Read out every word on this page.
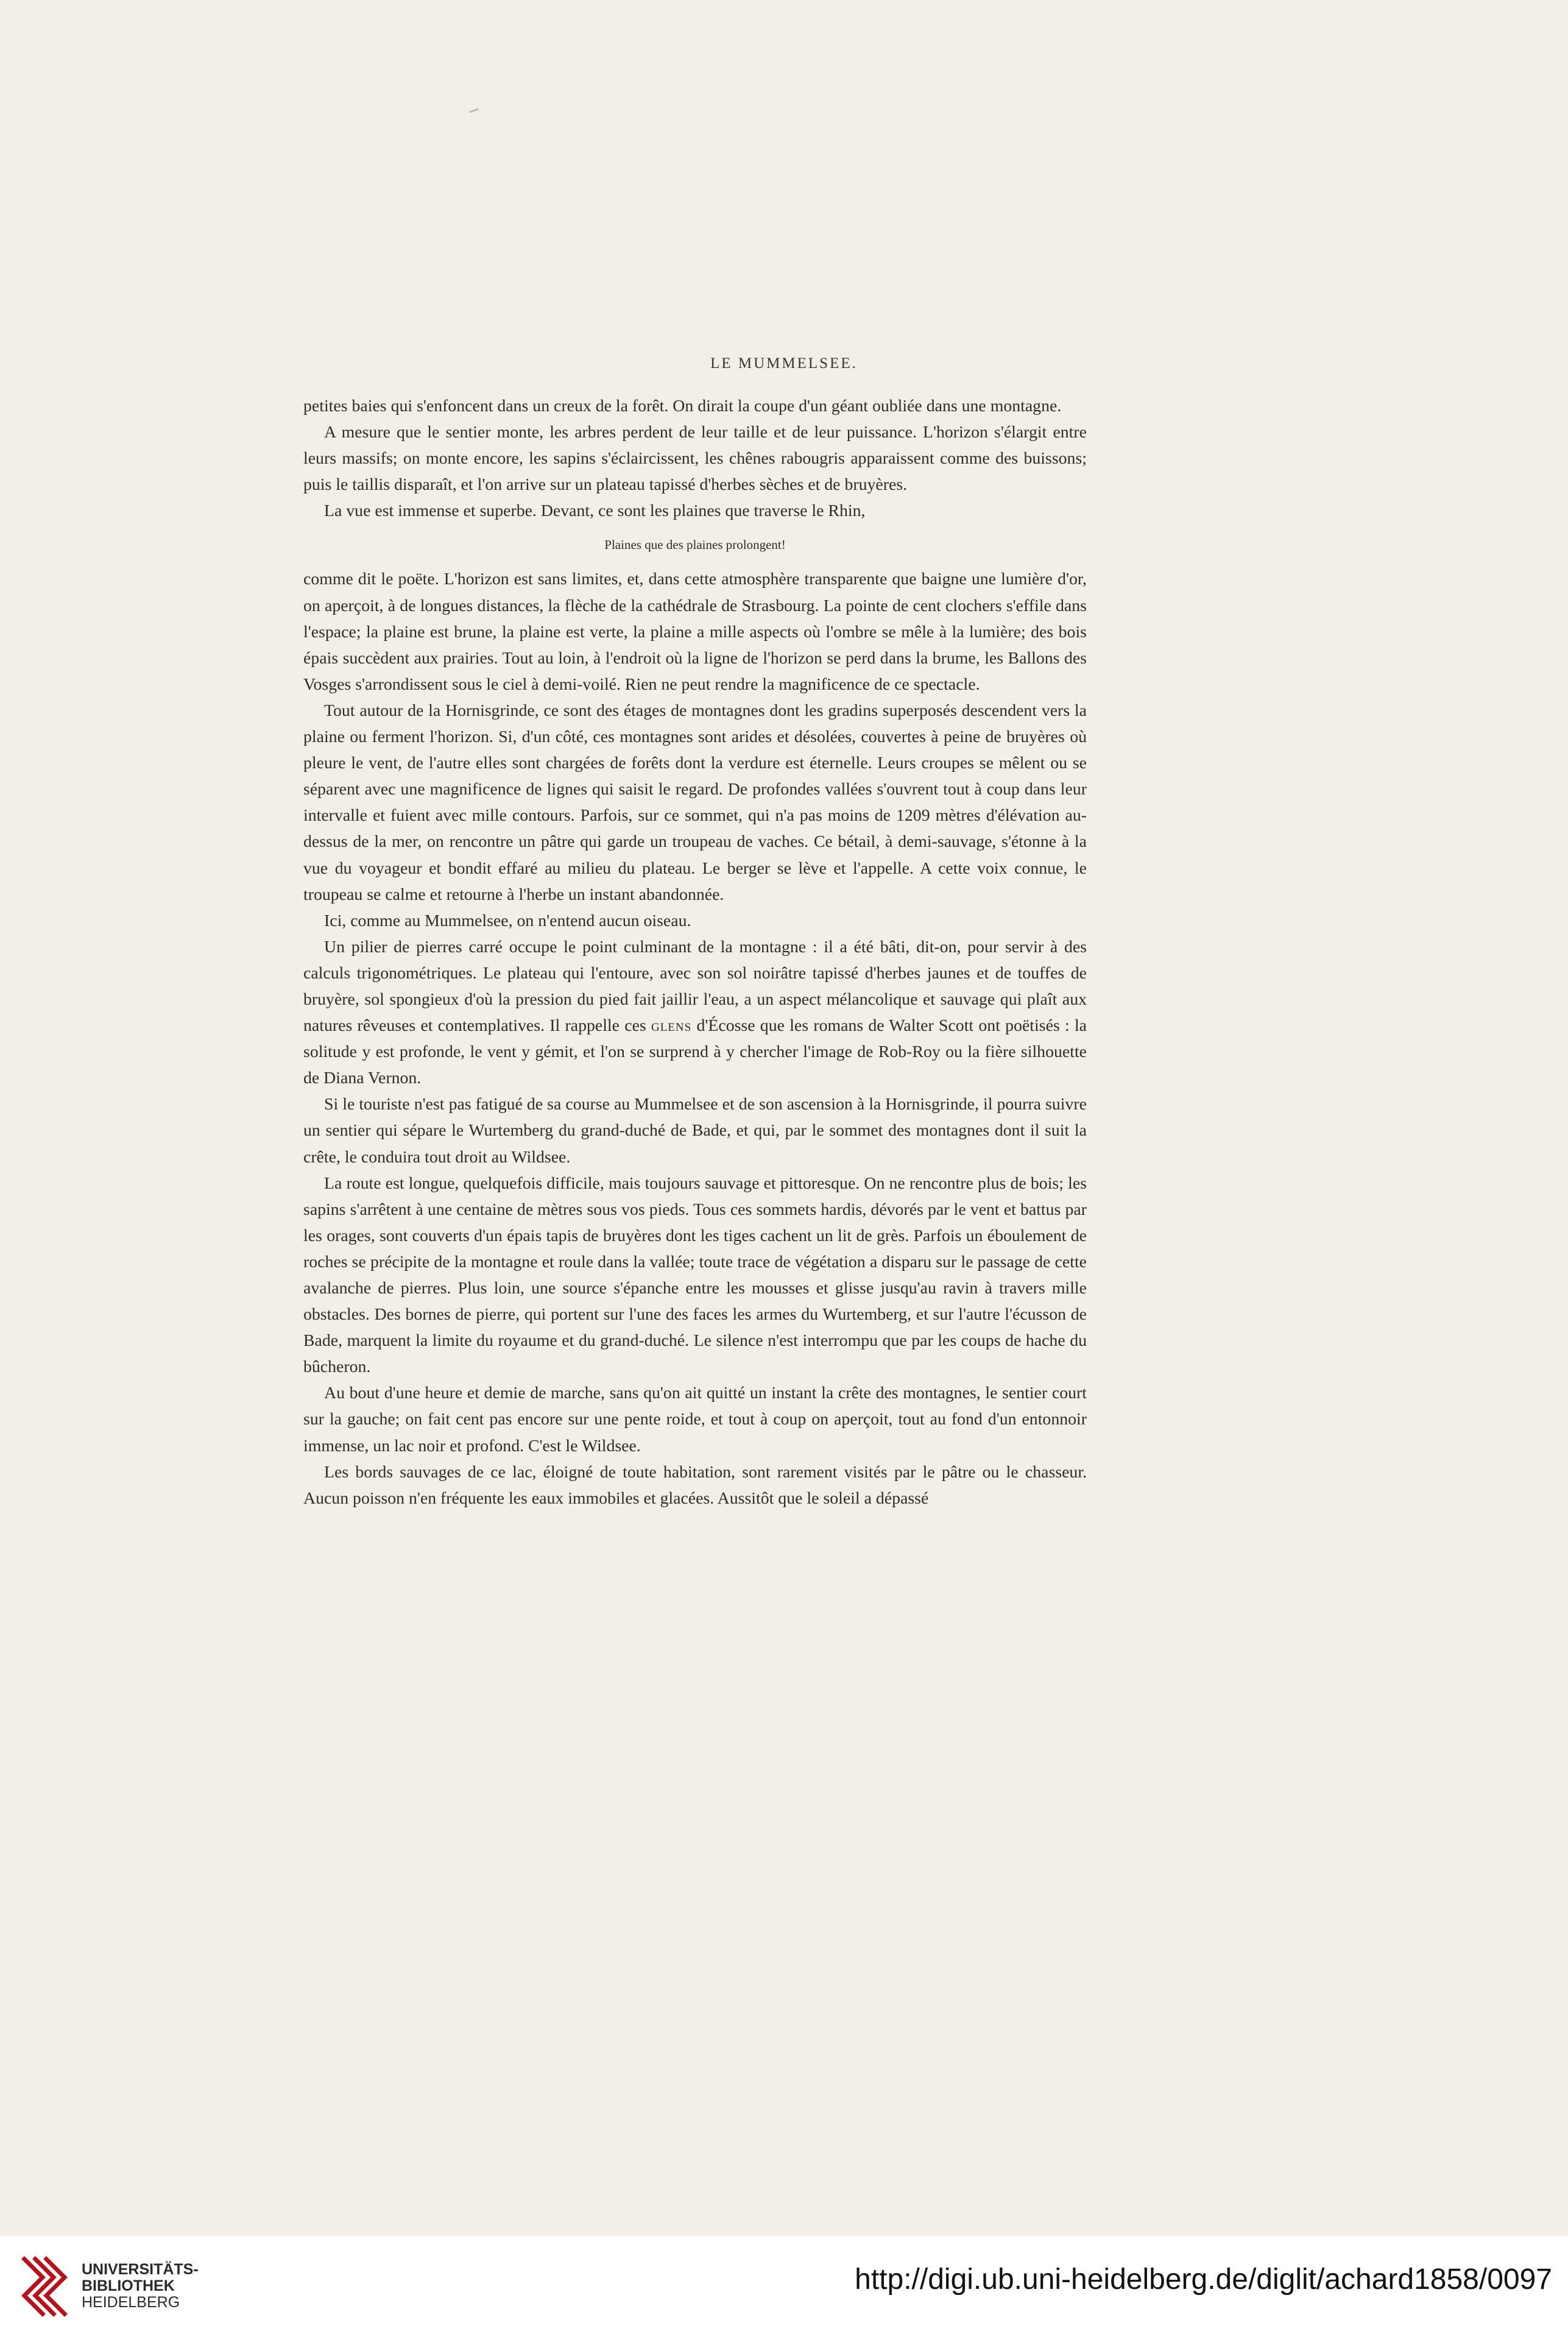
LE MUMMELSEE.

petites baies qui s'enfoncent dans un creux de la forêt. On dirait la coupe d'un géant oubliée dans une montagne.

A mesure que le sentier monte, les arbres perdent de leur taille et de leur puissance. L'horizon s'élargit entre leurs massifs; on monte encore, les sapins s'éclaircissent, les chênes rabougris apparaissent comme des buissons; puis le taillis disparaît, et l'on arrive sur un plateau tapissé d'herbes sèches et de bruyères.

La vue est immense et superbe. Devant, ce sont les plaines que traverse le Rhin,

Plaines que des plaines prolongent!

comme dit le poëte. L'horizon est sans limites, et, dans cette atmosphère transparente que baigne une lumière d'or, on aperçoit, à de longues distances, la flèche de la cathédrale de Strasbourg. La pointe de cent clochers s'effile dans l'espace; la plaine est brune, la plaine est verte, la plaine a mille aspects où l'ombre se mêle à la lumière; des bois épais succèdent aux prairies. Tout au loin, à l'endroit où la ligne de l'horizon se perd dans la brume, les Ballons des Vosges s'arrondissent sous le ciel à demi-voilé. Rien ne peut rendre la magnificence de ce spectacle.

Tout autour de la Hornisgrinde, ce sont des étages de montagnes dont les gradins superposés descendent vers la plaine ou ferment l'horizon. Si, d'un côté, ces montagnes sont arides et désolées, couvertes à peine de bruyères où pleure le vent, de l'autre elles sont chargées de forêts dont la verdure est éternelle. Leurs croupes se mêlent ou se séparent avec une magnificence de lignes qui saisit le regard. De profondes vallées s'ouvrent tout à coup dans leur intervalle et fuient avec mille contours. Parfois, sur ce sommet, qui n'a pas moins de 1209 mètres d'élévation au-dessus de la mer, on rencontre un pâtre qui garde un troupeau de vaches. Ce bétail, à demi-sauvage, s'étonne à la vue du voyageur et bondit effaré au milieu du plateau. Le berger se lève et l'appelle. A cette voix connue, le troupeau se calme et retourne à l'herbe un instant abandonnée.

Ici, comme au Mummelsee, on n'entend aucun oiseau.

Un pilier de pierres carré occupe le point culminant de la montagne : il a été bâti, dit-on, pour servir à des calculs trigonométriques. Le plateau qui l'entoure, avec son sol noirâtre tapissé d'herbes jaunes et de touffes de bruyère, sol spongieux d'où la pression du pied fait jaillir l'eau, a un aspect mélancolique et sauvage qui plaît aux natures rêveuses et contemplatives. Il rappelle ces glens d'Écosse que les romans de Walter Scott ont poëtisés : la solitude y est profonde, le vent y gémit, et l'on se surprend à y chercher l'image de Rob-Roy ou la fière silhouette de Diana Vernon.

Si le touriste n'est pas fatigué de sa course au Mummelsee et de son ascension à la Hornisgrinde, il pourra suivre un sentier qui sépare le Wurtemberg du grand-duché de Bade, et qui, par le sommet des montagnes dont il suit la crête, le conduira tout droit au Wildsee.

La route est longue, quelquefois difficile, mais toujours sauvage et pittoresque. On ne rencontre plus de bois; les sapins s'arrêtent à une centaine de mètres sous vos pieds. Tous ces sommets hardis, dévorés par le vent et battus par les orages, sont couverts d'un épais tapis de bruyères dont les tiges cachent un lit de grès. Parfois un éboulement de roches se précipite de la montagne et roule dans la vallée; toute trace de végétation a disparu sur le passage de cette avalanche de pierres. Plus loin, une source s'épanche entre les mousses et glisse jusqu'au ravin à travers mille obstacles. Des bornes de pierre, qui portent sur l'une des faces les armes du Wurtemberg, et sur l'autre l'écusson de Bade, marquent la limite du royaume et du grand-duché. Le silence n'est interrompu que par les coups de hache du bûcheron.

Au bout d'une heure et demie de marche, sans qu'on ait quitté un instant la crête des montagnes, le sentier court sur la gauche; on fait cent pas encore sur une pente roide, et tout à coup on aperçoit, tout au fond d'un entonnoir immense, un lac noir et profond. C'est le Wildsee.

Les bords sauvages de ce lac, éloigné de toute habitation, sont rarement visités par le pâtre ou le chasseur. Aucun poisson n'en fréquente les eaux immobiles et glacées. Aussitôt que le soleil a dépassé

UNIVERSITÄTS-
BIBLIOTHEK
HEIDELBERG
http://digi.ub.uni-heidelberg.de/diglit/achard1858/0097
